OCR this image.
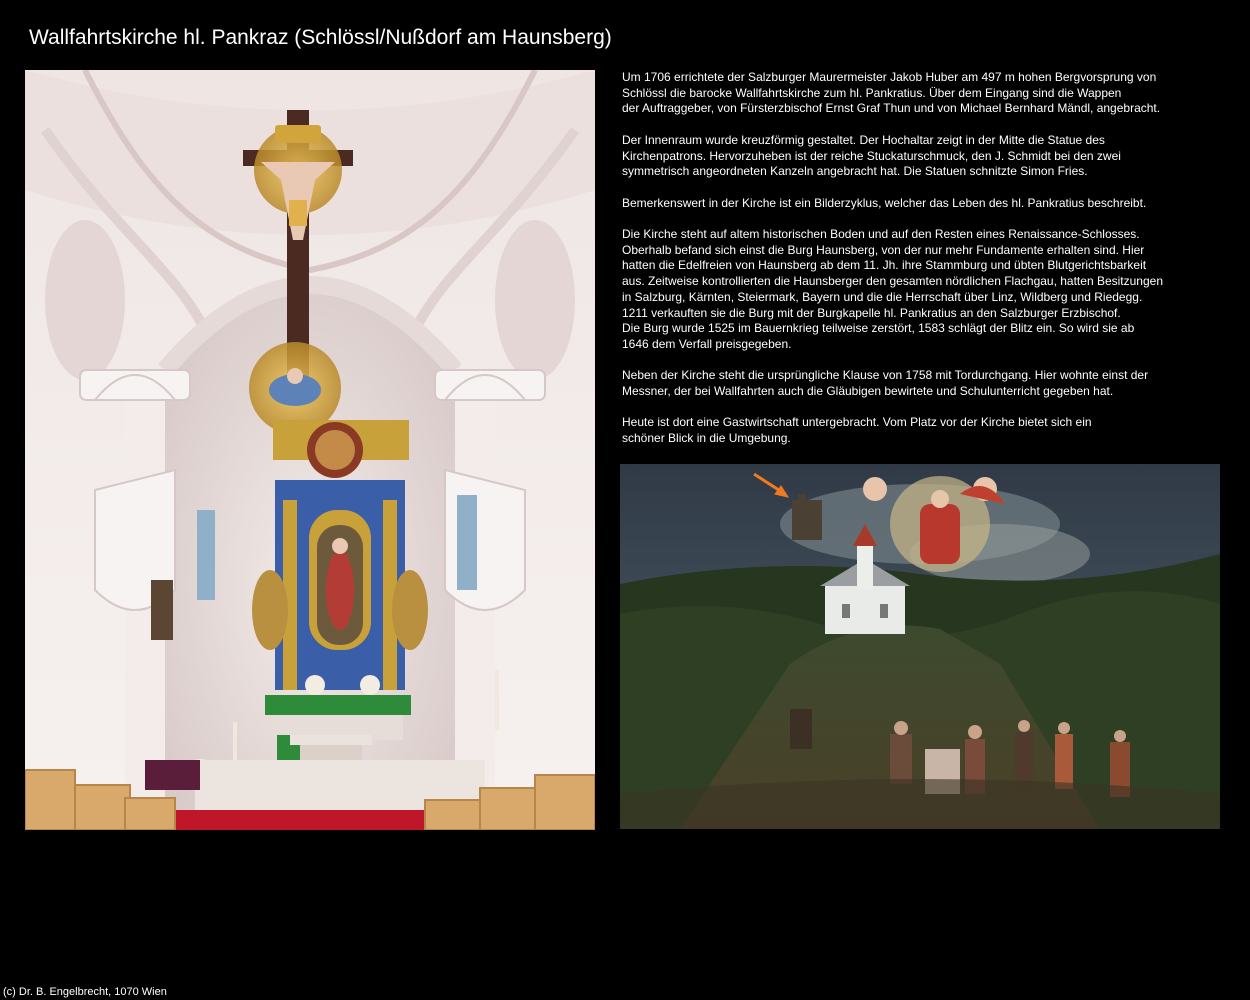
Wallfahrtskirche hl. Pankraz (Schlössl/Nußdorf am Haunsberg)

Um 1706 errichtete der Salzburger Maurermeister Jakob Huber am 497 m hohen Bergvorsprung von
Schlössl die barocke Wallfahrtskirche zum hl. Pankratius. Über dem Eingang sind die Wappen
der Auftraggeber, von Fürsterzbischof Ernst Graf Thun und von Michael Bernhard Mändl, angebracht.

Der Innenraum wurde kreuzförmig gestaltet. Der Hochaltar zeigt in der Mitte die Statue des
Kirchenpatrons. Hervorzuheben ist der reiche Stuckaturschmuck, den J. Schmidt bei den zwei
symmetrisch angeordneten Kanzeln angebracht hat. Die Statuen schnitzte Simon Fries.

Bemerkenswert in der Kirche ist ein Bilderzyklus, welcher das Leben des hl. Pankratius beschreibt.

Die Kirche steht auf altem historischen Boden und auf den Resten eines Renaissance-Schlosses.
Oberhalb befand sich einst die Burg Haunsberg, von der nur mehr Fundamente erhalten sind. Hier
hatten die Edelfreien von Haunsberg ab dem 11. Jh. ihre Stammburg und übten Blutgerichtsbarkeit
aus. Zeitweise kontrollierten die Haunsberger den gesamten nördlichen Flachgau, hatten Besitzungen
in Salzburg, Kärnten, Steiermark, Bayern und die die Herrschaft über Linz, Wildberg und Riedegg.
1211 verkauften sie die Burg mit der Burgkapelle hl. Pankratius an den Salzburger Erzbischof.
Die Burg wurde 1525 im Bauernkrieg teilweise zerstört, 1583 schlägt der Blitz ein. So wird sie ab
1646 dem Verfall preisgegeben.

Neben der Kirche steht die ursprüngliche Klause von 1758 mit Tordurchgang. Hier wohnte einst der
Messner, der bei Wallfahrten auch die Gläubigen bewirtete und Schulunterricht gegeben hat.

Heute ist dort eine Gastwirtschaft untergebracht. Vom Platz vor der Kirche bietet sich ein
schöner Blick in die Umgebung.

(c) Dr. B. Engelbrecht, 1070 Wien
